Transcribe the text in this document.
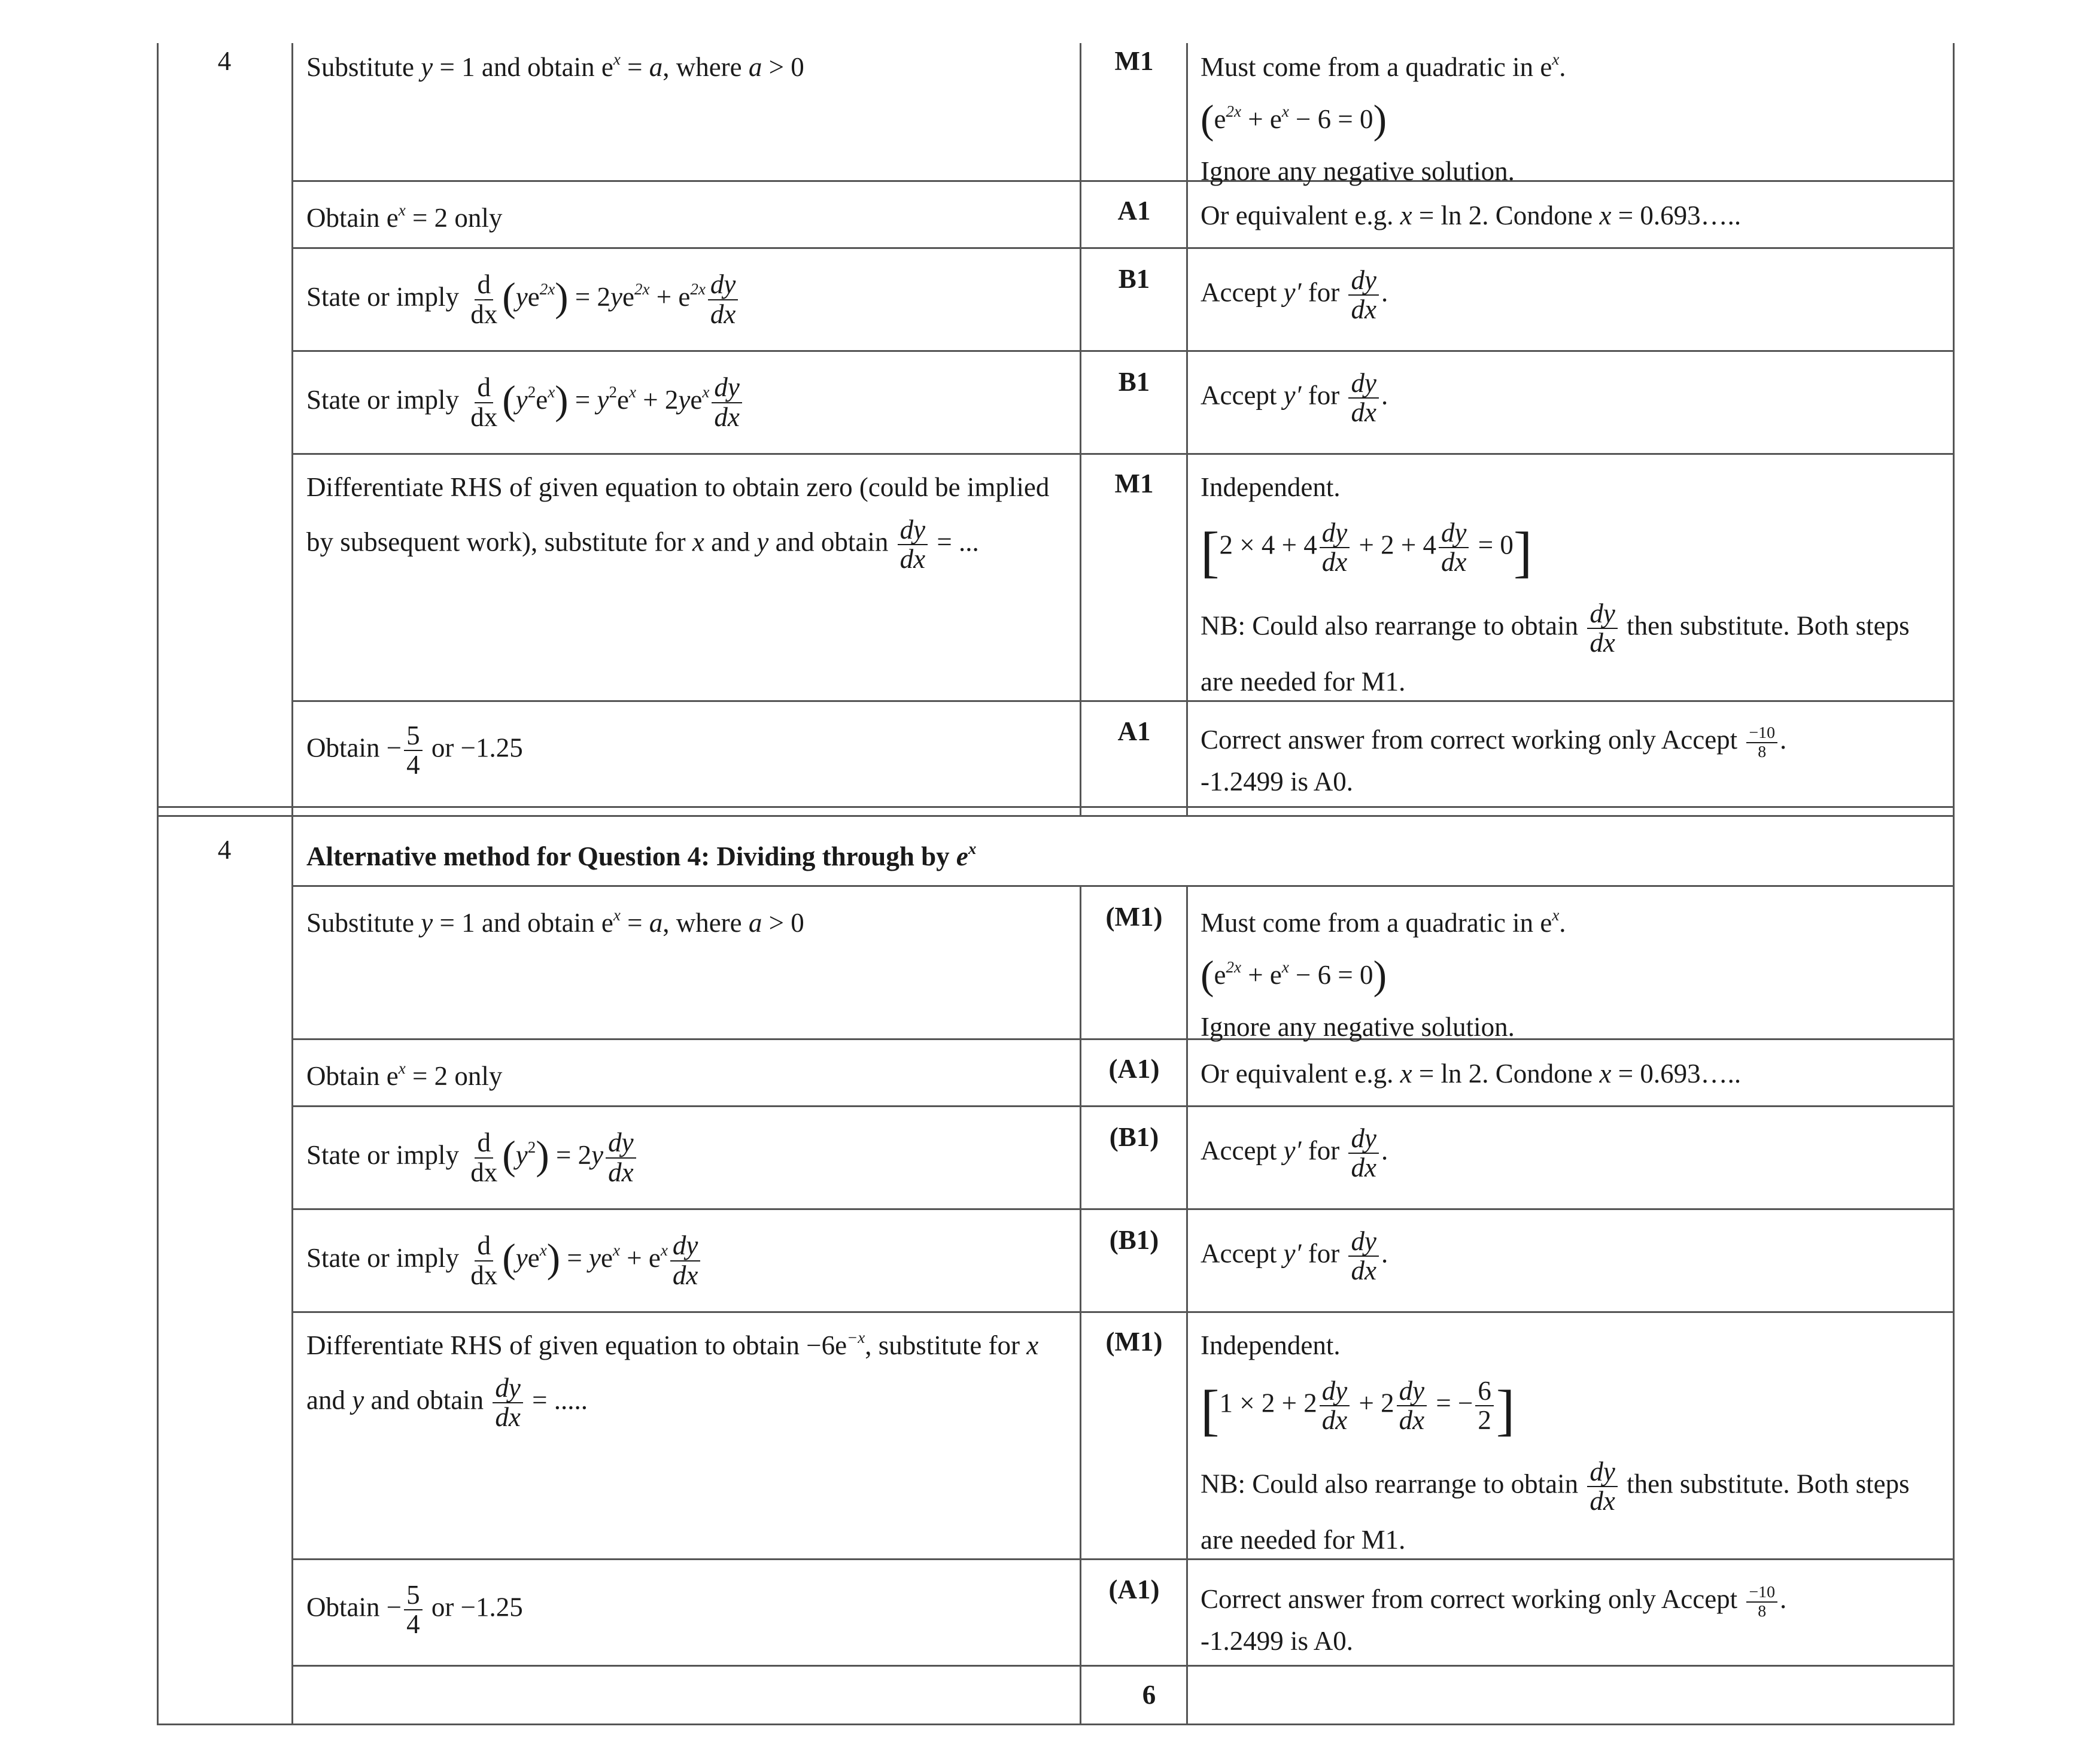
4	Substitute y = 1 and obtain $e^x = a$, where a > 0	M1	Must come from a quadratic in $e^x$.
$(e^{2x} + e^x - 6 = 0)$
Ignore any negative solution.
Obtain $e^x = 2$ only	A1	Or equivalent e.g. x = ln 2. Condone x = 0.693…..
State or imply $\frac{d}{dx} (ye^{2x}) = 2ye^{2x} + e^{2x} \frac{dy}{dx}$	B1	Accept y′ for $\frac{dy}{dx}$ .
State or imply $\frac{d}{dx} (y^2e^x) = y^2e^x + 2ye^x \frac{dy}{dx}$	B1	Accept y′ for $\frac{dy}{dx}$ .
Differentiate RHS of given equation to obtain zero (could be implied
by subsequent work), substitute for x and y and obtain $\frac{dy}{dx}$ = ...
M1	Independent.
$[2 \times 4 + 4 \frac{dy}{dx} + 2 + 4 \frac{dy}{dx} = 0]$
NB: Could also rearrange to obtain $\frac{dy}{dx}$ then substitute. Both steps
are needed for M1.
Obtain − $\frac{5}{4}$ or −1.25
A1	Correct answer from correct working only Accept $\frac{-10}{8}$ .
-1.2499 is A0.
4	Alternative method for Question 4: Dividing through by $e^x$
Substitute y = 1 and obtain $e^x = a$, where a > 0	(M1)	Must come from a quadratic in $e^x$.
$(e^{2x} + e^x - 6 = 0)$
Ignore any negative solution.
Obtain $e^x = 2$ only	(A1)	Or equivalent e.g. x = ln 2. Condone x = 0.693…..
State or imply $\frac{d}{dx} (y^2) = 2y \frac{dy}{dx}$	(B1)	Accept y′ for $\frac{dy}{dx}$ .
State or imply $\frac{d}{dx} (ye^x) = ye^x + e^x \frac{dy}{dx}$	(B1)	Accept y′ for $\frac{dy}{dx}$ .
Differentiate RHS of given equation to obtain $-6e^{-x}$, substitute for x
and y and obtain $\frac{dy}{dx}$ = .....
(M1)	Independent.
[$1 \times 2 + 2 \frac{dy}{dx} + 2 \frac{dy}{dx}$ = − $\frac{6}{2}$ ]
NB: Could also rearrange to obtain $\frac{dy}{dx}$ then substitute. Both steps
are needed for M1.
Obtain − $\frac{5}{4}$ or −1.25
(A1)	Correct answer from correct working only Accept $\frac{-10}{8}$ .
-1.2499 is A0.
6
